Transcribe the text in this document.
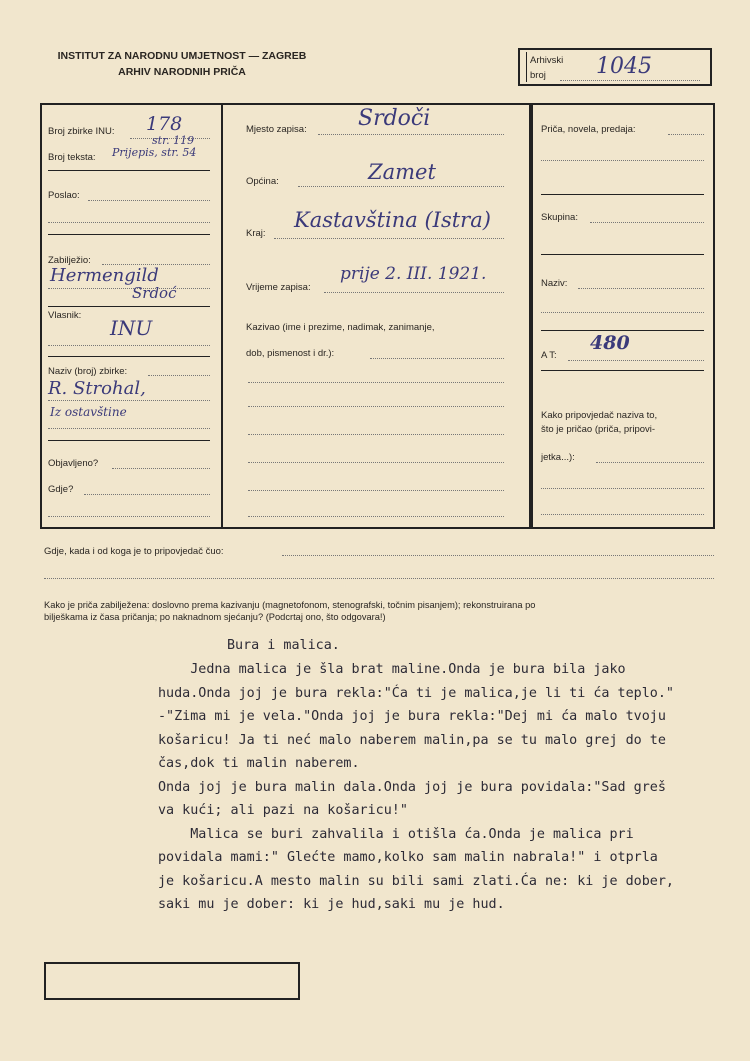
INSTITUT ZA NARODNU UMJETNOST — ZAGREB
ARHIV NARODNIH PRIČA
Arhivski
broj 1045
Broj zbirke INU: 178
str. 119
Broj teksta: Prijepis, str. 54
Poslao:
Zabilježio:
Hermengild
Srdoć
Vlasnik:
INU
Naziv (broj) zbirke:
R. Strohal,
Iz ostavštine
Objavljeno?
Gdje?
Mjesto zapisa: Srdoči
Općina:	Zamet
Kraj:
Kastavština (Istra)
Vrijeme zapisa:
prije 2. III. 1921.
Kazivao (ime i prezime, nadimak, zanimanje,
dob, pismenost i dr.):
Priča, novela, predaja:
Skupina:
Naziv:
A T:
480
Kako pripovjedač naziva to,
što je pričao (priča, pripovi-
jetka...):
Gdje, kada i od koga je to pripovjedač čuo:
Kako je priča zabilježena: doslovno prema kazivanju (magnetofonom, stenografski, točnim pisanjem); rekonstruirana po
bilješkama iz časa pričanja; po naknadnom sjećanju? (Podcrtaj ono, što odgovara!)
Bura i malica.
Jedna malica je šla brat maline.Onda je bura bila jako
huda.Onda joj je bura rekla:"Ća ti je malica,je li ti ća teplo."
-"Zima mi je vela."Onda joj je bura rekla:"Dej mi ća malo tvoju
košaricu! Ja ti neć malo naberem malin,pa se tu malo grej do te
čas,dok ti malin naberem.
Onda joj je bura malin dala.Onda joj je bura povidala:"Sad greš
va kući; ali pazi na košaricu!"
Malica se buri zahvalila i otišla ća.Onda je malica pri
povidala mami:" Glećte mamo,kolko sam malin nabrala!" i otprla
je košaricu.A mesto malin su bili sami zlati.Ća ne: ki je dober,
saki mu je dober: ki je hud,saki mu je hud.
